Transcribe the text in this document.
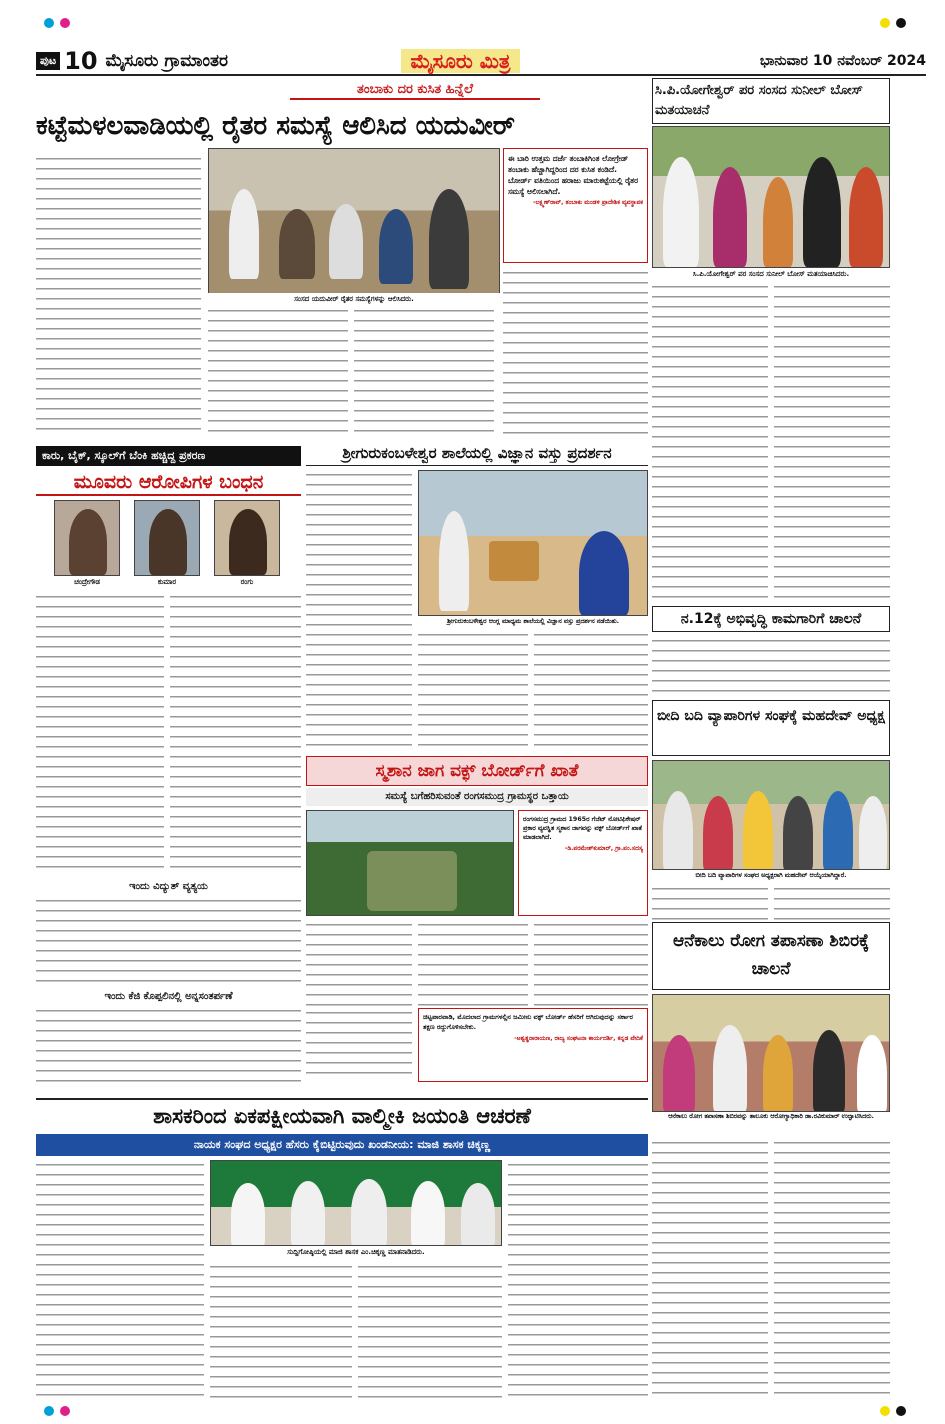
ಪುಟ 10 ಮೈಸೂರು ಗ್ರಾಮಾಂತರ	ಮೈಸೂರು ಮಿತ್ರ	ಭಾನುವಾರ 10 ನವೆಂಬರ್ 2024
ತಂಬಾಕು ದರ ಕುಸಿತ ಹಿನ್ನೆಲೆ
ಕಟ್ಟೆಮಳಲವಾಡಿಯಲ್ಲಿ ರೈತರ ಸಮಸ್ಯೆ ಆಲಿಸಿದ ಯದುವೀರ್
ಸಂಸದ ಯದುವೀರ್ ರೈತರ ಸಮಸ್ಯೆಗಳನ್ನು ಆಲಿಸಿದರು.
ಈ ಬಾರಿ ಉತ್ತಮ ದರ್ಜೆ ತಂಬಾಕಿಗಿಂತ ಲೋಗ್ರೇಡ್ ತಂಬಾಕು ಹೆಚ್ಚಾಗಿದ್ದರಿಂದ ದರ ಕುಸಿತ ಕಂಡಿದೆ. ಬೋರ್ಡ್ ವತಿಯಿಂದ ಹರಾಜು ಮಾರುಕಟ್ಟೆಯಲ್ಲಿ ರೈತರ ಸಮಸ್ಯೆ ಆಲಿಸಲಾಗಿದೆ.
-ಲಕ್ಷ್ಮಣ್‌ರಾವ್, ತಂಬಾಕು ಮಂಡಳಿ ಪ್ರಾದೇಶಿಕ ವ್ಯವಸ್ಥಾಪಕ
ಸಿ.ಪಿ.ಯೋಗೇಶ್ವರ್ ಪರ ಸಂಸದ ಸುನೀಲ್ ಬೋಸ್ ಮತಯಾಚನೆ
ಸಿ.ಪಿ.ಯೋಗೇಶ್ವರ್ ಪರ ಸಂಸದ ಸುನೀಲ್ ಬೋಸ್ ಮತಯಾಚಿಸಿದರು.
ಕಾರು, ಬೈಕ್, ಸ್ಕೂಲ್‌ಗೆ ಬೆಂಕಿ ಹಚ್ಚಿದ್ದ ಪ್ರಕರಣ
ಮೂವರು ಆರೋಪಿಗಳ ಬಂಧನ
ಚಂದ್ರೇಗೌಡ	ಕುಮಾರ	ರಂಗು
ಶ್ರೀಗುರುಕಂಬಳೇಶ್ವರ ಶಾಲೆಯಲ್ಲಿ ವಿಜ್ಞಾನ ವಸ್ತು ಪ್ರದರ್ಶನ
ಶ್ರೀಗುರುಕಂಬಳೇಶ್ವರ ಆಂಗ್ಲ ಮಾಧ್ಯಮ ಶಾಲೆಯಲ್ಲಿ ವಿಜ್ಞಾನ ವಸ್ತು ಪ್ರದರ್ಶನ ನಡೆಯಿತು.	ನ.12ಕ್ಕೆ ಅಭಿವೃದ್ಧಿ ಕಾಮಗಾರಿಗೆ ಚಾಲನೆ
ಬೀದಿ ಬದಿ ವ್ಯಾಪಾರಿಗಳ ಸಂಘಕ್ಕೆ ಮಹದೇವ್ ಅಧ್ಯಕ್ಷ
ಬೀದಿ ಬದಿ ವ್ಯಾಪಾರಿಗಳ ಸಂಘದ ಅಧ್ಯಕ್ಷರಾಗಿ ಮಹದೇವ್ ಆಯ್ಕೆಯಾಗಿದ್ದಾರೆ.
ಸ್ಮಶಾನ ಜಾಗ ವಕ್ಫ್ ಬೋರ್ಡ್‌ಗೆ ಖಾತೆ
ಸಮಸ್ಯೆ ಬಗೆಹರಿಸುವಂತೆ ರಂಗಸಮುದ್ರ ಗ್ರಾಮಸ್ಥರ ಒತ್ತಾಯ
ರಂಗಸಮುದ್ರ ಗ್ರಾಮದ 1965ರ ಗೆಜೆಟ್ ನೋಟಿಫಿಕೇಷನ್ ಪ್ರಕಾರ ವ್ಯವಸ್ಥಿತ ಸ್ಮಶಾನ ಜಾಗವನ್ನು ವಕ್ಫ್ ಬೋರ್ಡ್‌ಗೆ ಖಾತೆ ಮಾಡಲಾಗಿದೆ.
-ಡಿ.ಪರಮೇಶ್‌ಕುಮಾರ್, ಗ್ರಾ.ಪಂ.ಸದಸ್ಯ
ಚಿಟ್ಟಪಾರವಾಡಿ, ಮೊದಲಾದ ಗ್ರಾಮಗಳಲ್ಲಿನ ಜಮೀನು ವಕ್ಫ್ ಬೋರ್ಡ್ ಹೆಸರಿಗೆ ಆಗಿರುವುದನ್ನು ಸರ್ಕಾರ ತಕ್ಷಣ ರದ್ದುಗೊಳಿಸಬೇಕು.
-ಅಶ್ವತ್ಥನಾರಾಯಣ, ರಾಜ್ಯ ಸಂಘಟನಾ ಕಾರ್ಯದರ್ಶಿ, ಕನ್ನಡ ವೇದಿಕೆ
ಇಂದು ವಿದ್ಯುತ್ ವ್ಯತ್ಯಯ
ಇಂದು ಕೆಜಿ ಕೊಪ್ಪಲಿನಲ್ಲಿ ಅನ್ನಸಂತರ್ಪಣೆ
ಆನೆಕಾಲು ರೋಗ ತಪಾಸಣಾ ಶಿಬಿರಕ್ಕೆ ಚಾಲನೆ
ಆನೆಕಾಲು ರೋಗ ತಪಾಸಣಾ ಶಿಬಿರವನ್ನು ತಾಲೂಕು ಆರೋಗ್ಯಾಧಿಕಾರಿ ಡಾ.ರವಿಕುಮಾರ್ ಉದ್ಘಾಟಿಸಿದರು.
ಶಾಸಕರಿಂದ ಏಕಪಕ್ಷೀಯವಾಗಿ ವಾಲ್ಮೀಕಿ ಜಯಂತಿ ಆಚರಣೆ
ನಾಯಕ ಸಂಘದ ಅಧ್ಯಕ್ಷರ ಹೆಸರು ಕೈಬಿಟ್ಟಿರುವುದು ಖಂಡನೀಯ: ಮಾಜಿ ಶಾಸಕ ಚಿಕ್ಕಣ್ಣ
ಸುದ್ದಿಗೋಷ್ಠಿಯಲ್ಲಿ ಮಾಜಿ ಶಾಸಕ ಎಂ.ಚಿಕ್ಕಣ್ಣ ಮಾತನಾಡಿದರು.
